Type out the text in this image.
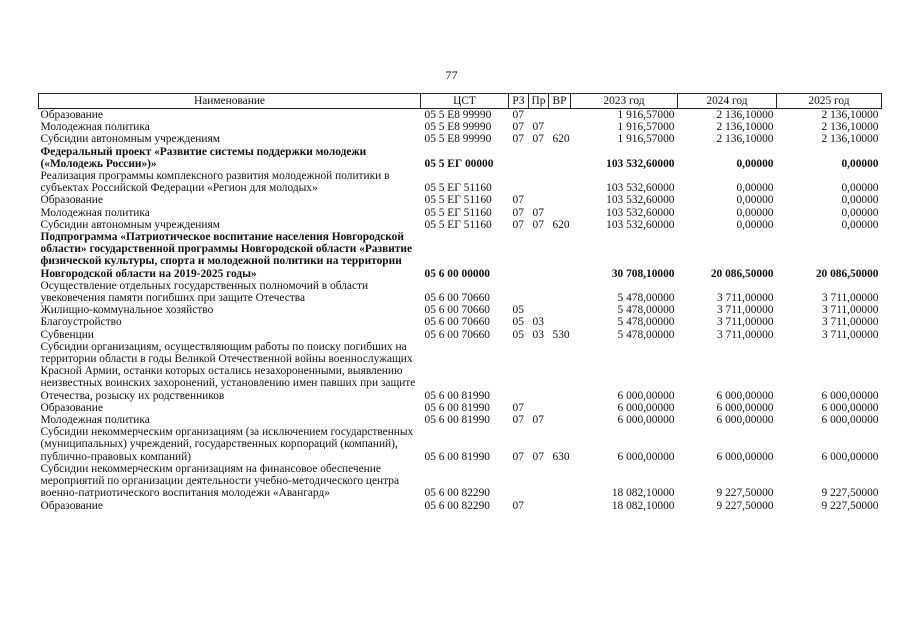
77
Наименование	ЦСТ	РЗ	Пр	ВР	2023 год	2024 год	2025 год
Образование	05 5 Е8 99990	07			1 916,57000	2 136,10000	2 136,10000
Молодежная политика	05 5 Е8 99990	07	07		1 916,57000	2 136,10000	2 136,10000
Субсидии автономным учреждениям	05 5 Е8 99990	07	07	620	1 916,57000	2 136,10000	2 136,10000
Федеральный проект «Развитие системы поддержки молодежи («Молодежь России»)»	05 5 ЕГ 00000				103 532,60000	0,00000	0,00000
Реализация программы комплексного развития молодежной политики в субъектах Российской Федерации «Регион для молодых»	05 5 ЕГ 51160				103 532,60000	0,00000	0,00000
Образование	05 5 ЕГ 51160	07			103 532,60000	0,00000	0,00000
Молодежная политика	05 5 ЕГ 51160	07	07		103 532,60000	0,00000	0,00000
Субсидии автономным учреждениям	05 5 ЕГ 51160	07	07	620	103 532,60000	0,00000	0,00000
Подпрограмма «Патриотическое воспитание населения Новгородской области» государственной программы Новгородской области «Развитие физической культуры, спорта и молодежной политики на территории Новгородской области на 2019-2025 годы»	05 6 00 00000				30 708,10000	20 086,50000	20 086,50000
Осуществление отдельных государственных полномочий в области увековечения памяти погибших при защите Отечества	05 6 00 70660				5 478,00000	3 711,00000	3 711,00000
Жилищно-коммунальное хозяйство	05 6 00 70660	05			5 478,00000	3 711,00000	3 711,00000
Благоустройство	05 6 00 70660	05	03		5 478,00000	3 711,00000	3 711,00000
Субвенции	05 6 00 70660	05	03	530	5 478,00000	3 711,00000	3 711,00000
Субсидии организациям, осуществляющим работы по поиску погибших на территории области в годы Великой Отечественной войны военнослужащих Красной Армии, останки которых остались незахороненными, выявлению неизвестных воинских захоронений, установлению имен павших при защите Отечества, розыску их родственников	05 6 00 81990				6 000,00000	6 000,00000	6 000,00000
Образование	05 6 00 81990	07			6 000,00000	6 000,00000	6 000,00000
Молодежная политика	05 6 00 81990	07	07		6 000,00000	6 000,00000	6 000,00000
Субсидии некоммерческим организациям (за исключением государственных (муниципальных) учреждений, государственных корпораций (компаний), публично-правовых компаний)	05 6 00 81990	07	07	630	6 000,00000	6 000,00000	6 000,00000
Субсидии некоммерческим организациям на финансовое обеспечение мероприятий по организации деятельности учебно-методического центра военно-патриотического воспитания молодежи «Авангард»	05 6 00 82290				18 082,10000	9 227,50000	9 227,50000
Образование	05 6 00 82290	07			18 082,10000	9 227,50000	9 227,50000
